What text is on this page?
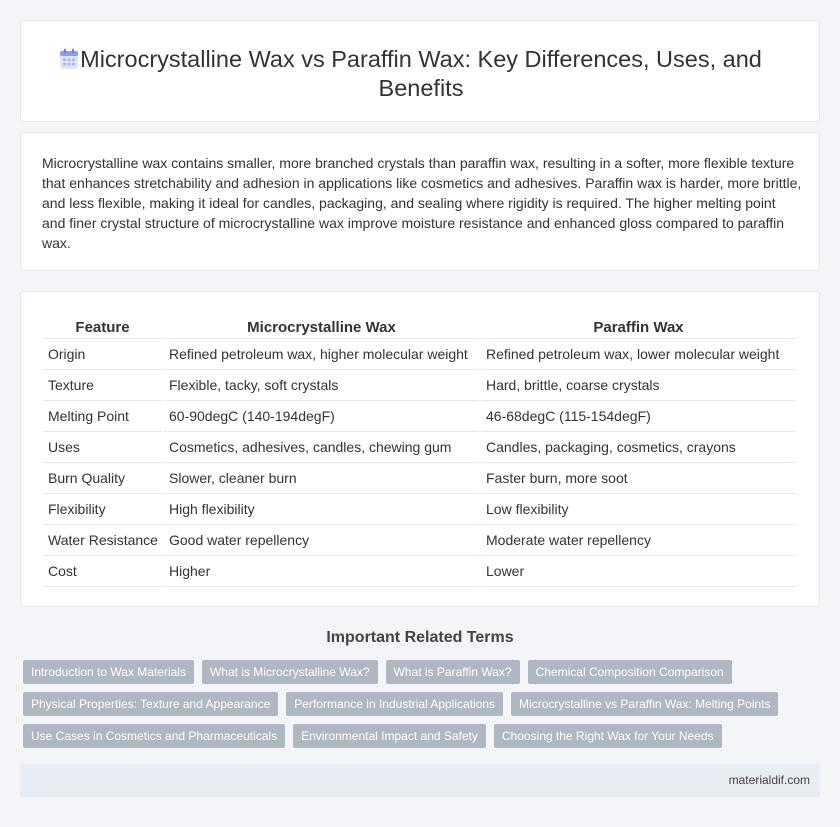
Microcrystalline Wax vs Paraffin Wax: Key Differences, Uses, and Benefits

Microcrystalline wax contains smaller, more branched crystals than paraffin wax, resulting in a softer, more flexible texture that enhances stretchability and adhesion in applications like cosmetics and adhesives. Paraffin wax is harder, more brittle, and less flexible, making it ideal for candles, packaging, and sealing where rigidity is required. The higher melting point and finer crystal structure of microcrystalline wax improve moisture resistance and enhanced gloss compared to paraffin wax.

Feature	Microcrystalline Wax	Paraffin Wax
Origin	Refined petroleum wax, higher molecular weight	Refined petroleum wax, lower molecular weight
Texture	Flexible, tacky, soft crystals	Hard, brittle, coarse crystals
Melting Point	60-90degC (140-194degF)	46-68degC (115-154degF)
Uses	Cosmetics, adhesives, candles, chewing gum	Candles, packaging, cosmetics, crayons
Burn Quality	Slower, cleaner burn	Faster burn, more soot
Flexibility	High flexibility	Low flexibility
Water Resistance	Good water repellency	Moderate water repellency
Cost	Higher	Lower
Important Related Terms
Introduction to Wax Materials	What is Microcrystalline Wax?	What is Paraffin Wax?	Chemical Composition Comparison
Physical Properties: Texture and Appearance	Performance in Industrial Applications	Microcrystalline vs Paraffin Wax: Melting Points
Use Cases in Cosmetics and Pharmaceuticals	Environmental Impact and Safety	Choosing the Right Wax for Your Needs
materialdif.com
